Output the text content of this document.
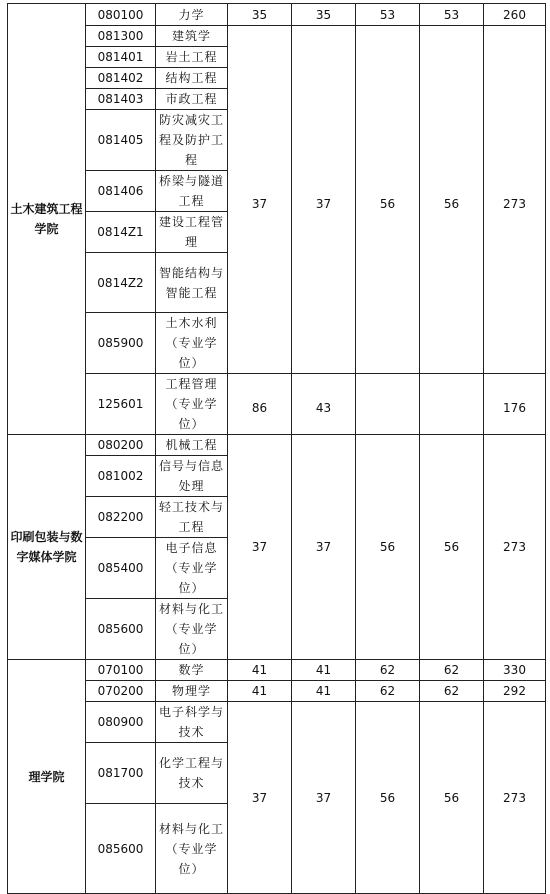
土木建筑工程学院	080100	力学	35	35	53	53	260
	081300	建筑学	37	37	56	56	273
	081401	岩土工程					
	081402	结构工程					
	081403	市政工程					
	081405	防灾减灾工程及防护工程					
	081406	桥梁与隧道工程					
	0814Z1	建设工程管理					
	0814Z2	智能结构与智能工程					
	085900	土木水利（专业学位）					
	125601	工程管理（专业学位）	86	43			176
印刷包装与数字媒体学院	080200	机械工程	37	37	56	56	273
	081002	信号与信息处理					
	082200	轻工技术与工程					
	085400	电子信息（专业学位）					
	085600	材料与化工（专业学位）					
理学院	070100	数学	41	41	62	62	330
	070200	物理学	41	41	62	62	292
	080900	电子科学与技术	37	37	56	56	273
	081700	化学工程与技术					
	085600	材料与化工（专业学位）					
